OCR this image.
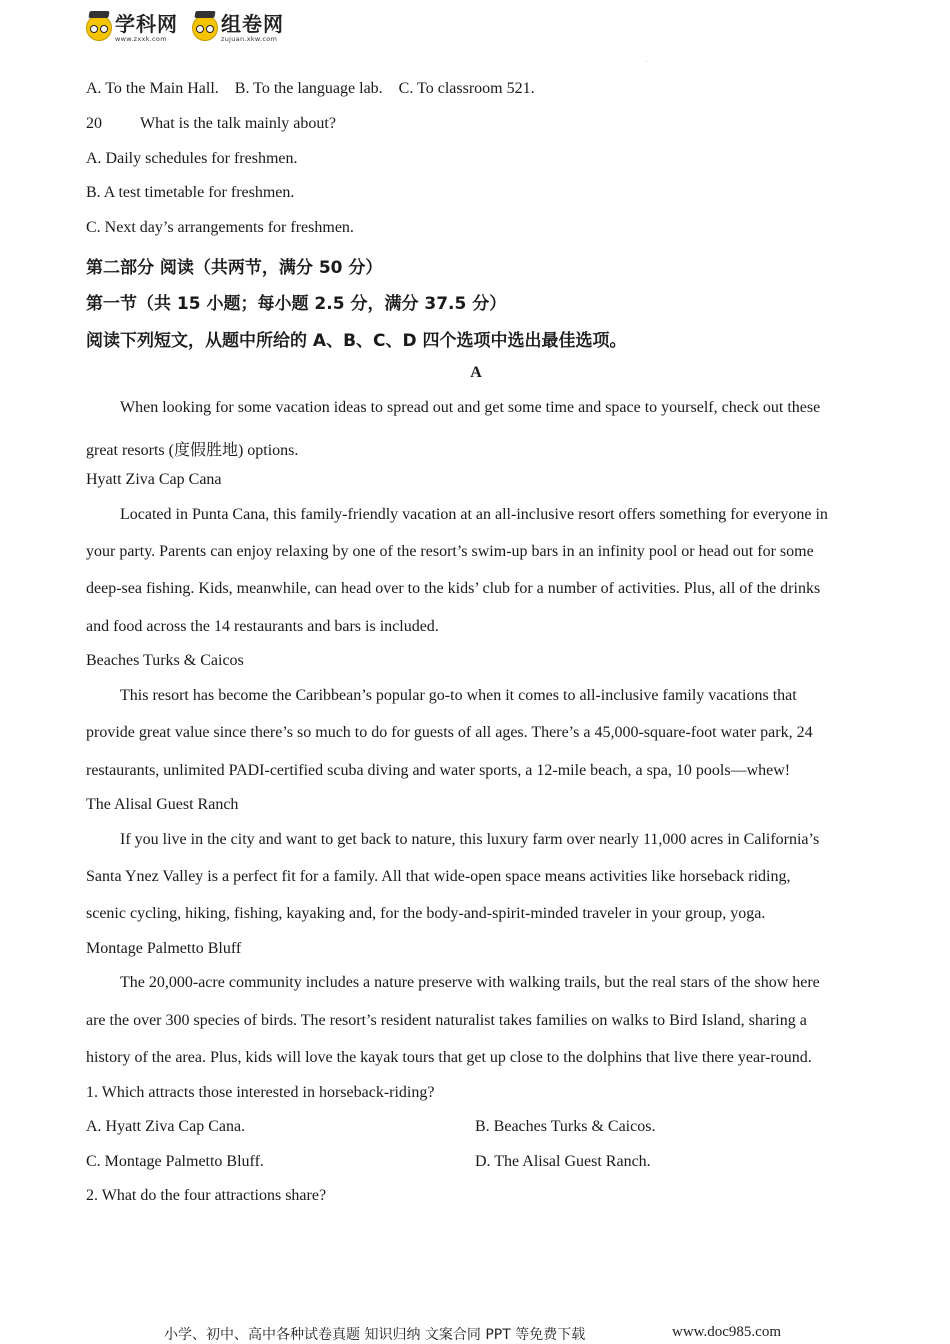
学科网
www.zxxk.com
组卷网
zujuan.xkw.com
.
A. To the Main Hall.    B. To the language lab.    C. To classroom 521.
20 What is the talk mainly about?
A. Daily schedules for freshmen.
B. A test timetable for freshmen.
C. Next day’s arrangements for freshmen.
第二部分 阅读（共两节，满分 50 分）
第一节（共 15 小题；每小题 2.5 分，满分 37.5 分）
阅读下列短文，从题中所给的 A、B、C、D 四个选项中选出最佳选项。
A
When looking for some vacation ideas to spread out and get some time and space to yourself, check out these
great resorts (度假胜地) options.
Hyatt Ziva Cap Cana
Located in Punta Cana, this family-friendly vacation at an all-inclusive resort offers something for everyone in
your party. Parents can enjoy relaxing by one of the resort’s swim-up bars in an infinity pool or head out for some
deep-sea fishing. Kids, meanwhile, can head over to the kids’ club for a number of activities. Plus, all of the drinks
and food across the 14 restaurants and bars is included.
Beaches Turks & Caicos
This resort has become the Caribbean’s popular go-to when it comes to all-inclusive family vacations that
provide great value since there’s so much to do for guests of all ages. There’s a 45,000-square-foot water park, 24
restaurants, unlimited PADI-certified scuba diving and water sports, a 12-mile beach, a spa, 10 pools—whew!
The Alisal Guest Ranch
If you live in the city and want to get back to nature, this luxury farm over nearly 11,000 acres in California’s
Santa Ynez Valley is a perfect fit for a family. All that wide-open space means activities like horseback riding,
scenic cycling, hiking, fishing, kayaking and, for the body-and-spirit-minded traveler in your group, yoga.
Montage Palmetto Bluff
The 20,000-acre community includes a nature preserve with walking trails, but the real stars of the show here
are the over 300 species of birds. The resort’s resident naturalist takes families on walks to Bird Island, sharing a
history of the area. Plus, kids will love the kayak tours that get up close to the dolphins that live there year-round.
1. Which attracts those interested in horseback-riding?
A. Hyatt Ziva Cap Cana.	B. Beaches Turks & Caicos.
C. Montage Palmetto Bluff.	D. The Alisal Guest Ranch.
2. What do the four attractions share?
小学、初中、高中各种试卷真题 知识归纳 文案合同 PPT 等免费下载	www.doc985.com
